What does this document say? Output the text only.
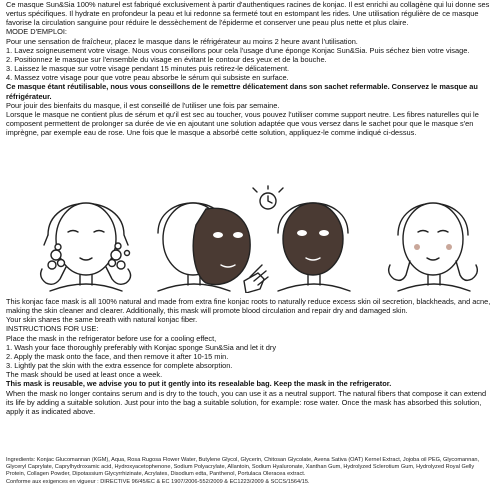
Ce masque Sun&Sia 100% naturel est fabriqué exclusivement à partir d'authentiques racines de konjac. Il est enrichi au collagène qui lui donne ses vertus spécifiques. Il hydrate en profondeur la peau et lui redonne sa fermeté tout en estompant les rides. Une utilisation régulière de ce masque favorise la circulation sanguine pour réduire le dessèchement de l'épiderme et conserver une peau plus nette et plus claire.

MODE D'EMPLOI:

Pour une sensation de fraîcheur, placez le masque dans le réfrigérateur au moins 2 heure avant l'utilisation.

1. Lavez soigneusement votre visage. Nous vous conseillons pour cela l'usage d'une éponge Konjac Sun&Sia. Puis séchez bien votre visage.

2. Positionnez le masque sur l'ensemble du visage en évitant le contour des yeux et de la bouche.

3. Laissez le masque sur votre visage pendant 15 minutes puis retirez-le délicatement.

4. Massez votre visage pour que votre peau absorbe le sérum qui subsiste en surface.

Ce masque étant réutilisable, nous vous conseillons de le remettre délicatement dans son sachet refermable. Conservez le masque au réfrigérateur.

Pour jouir des bienfaits du masque, il est conseillé de l'utiliser une fois par semaine.

Lorsque le masque ne contient plus de sérum et qu'il est sec au toucher, vous pouvez l'utiliser comme support neutre. Les fibres naturelles qui le composent permettent de prolonger sa durée de vie en ajoutant une solution adaptée que vous versez dans le sachet pour que le masque s'en imprègne, par exemple eau de rose. Une fois que le masque a absorbé cette solution, appliquez-le comme indiqué ci-dessus.

This konjac face mask is all 100% natural and made from extra fine konjac roots to naturally reduce excess skin oil secretion, blackheads, and acne, making the skin cleaner and clearer. Additionally, this mask will promote blood circulation and repair dry and damaged skin.

Your skin shares the same breath with natural konjac fiber.

INSTRUCTIONS FOR USE:

Place the mask in the refrigerator before use for a cooling effect,

1. Wash your face thoroughly preferably with Konjac sponge Sun&Sia and let it dry

2. Apply the mask onto the face, and then remove it after 10-15 min.

3. Lightly pat the skin with the extra essence for complete absorption.

The mask should be used at least once a week.

This mask is reusable, we advise you to put it gently into its resealable bag. Keep the mask in the refrigerator.

When the mask no longer contains serum and is dry to the touch, you can use it as a neutral support. The natural fibers that compose it can extend its life by adding a suitable solution. Just pour into the bag a suitable solution, for example: rose water. Once the mask has absorbed this solution, apply it as indicated above.

Ingredients: Konjac Glucomannan (KGM), Aqua, Rosa Rugosa Flower Water, Butylene Glycol, Glycerin, Chitosan Glycolate, Avena Sativa (OAT) Kernel Extract, Jojoba oil PEG, Glycomannan, Glyceryl Caprylate, Caprylhydroxamic acid, Hydroxyacetophenone, Sodium Polyacrylate, Allantoin, Sodium Hyaluronate, Xanthan Gum, Hydrolyzed Sclerotium Gum, Hydrolyzed Royal Gelly Protein, Collagen Powder, Dipotassium Glycyrrhizinate, Acrylates, Disodium edta, Panthenol, Portulaca Oleracea extract.

Conforme aux exigences en vigueur : DIRECTIVE 96/45/EC & EC 1907/2006-552/2009 & EC1223/2009 & SCCS/1564/15.
